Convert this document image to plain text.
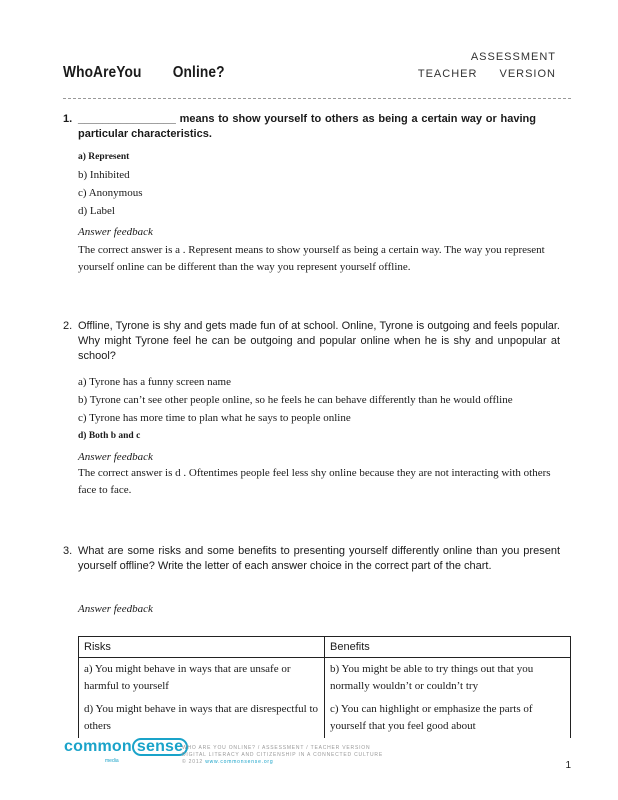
WhoAreYou        Online?
ASSESSMENT
TEACHER VERSION
1. ________________ means to show yourself to others as being a certain way or having particular characteristics.
a) Represent
b) Inhibited
c) Anonymous
d) Label
Answer feedback
The correct answer is a . Represent means to show yourself as being a certain way. The way you represent yourself online can be different than the way you represent yourself offline.
2. Offline, Tyrone is shy and gets made fun of at school. Online, Tyrone is outgoing and feels popular. Why might Tyrone feel he can be outgoing and popular online when he is shy and unpopular at school?
a) Tyrone has a funny screen name
b) Tyrone can’t see other people online, so he feels he can behave differently than he would offline
c) Tyrone has more time to plan what he says to people online
d) Both b and c
Answer feedback
The correct answer is d . Oftentimes people feel less shy online because they are not interacting with others face to face.
3. What are some risks and some benefits to presenting yourself differently online than you present yourself offline? Write the letter of each answer choice in the correct part of the chart.
Answer feedback
Risks	Benefits
a) You might behave in ways that are unsafe or harmful to yourself	b) You might be able to try things out that you normally wouldn’t or couldn’t try
d) You might behave in ways that are disrespectful to others	c) You can highlight or emphasize the parts of yourself that you feel good about
common sense
media
WHO ARE YOU ONLINE? / ASSESSMENT / TEACHER VERSION
DIGITAL LITERACY AND CITIZENSHIP IN A CONNECTED CULTURE
© 2012 www.commonsense.org	1
